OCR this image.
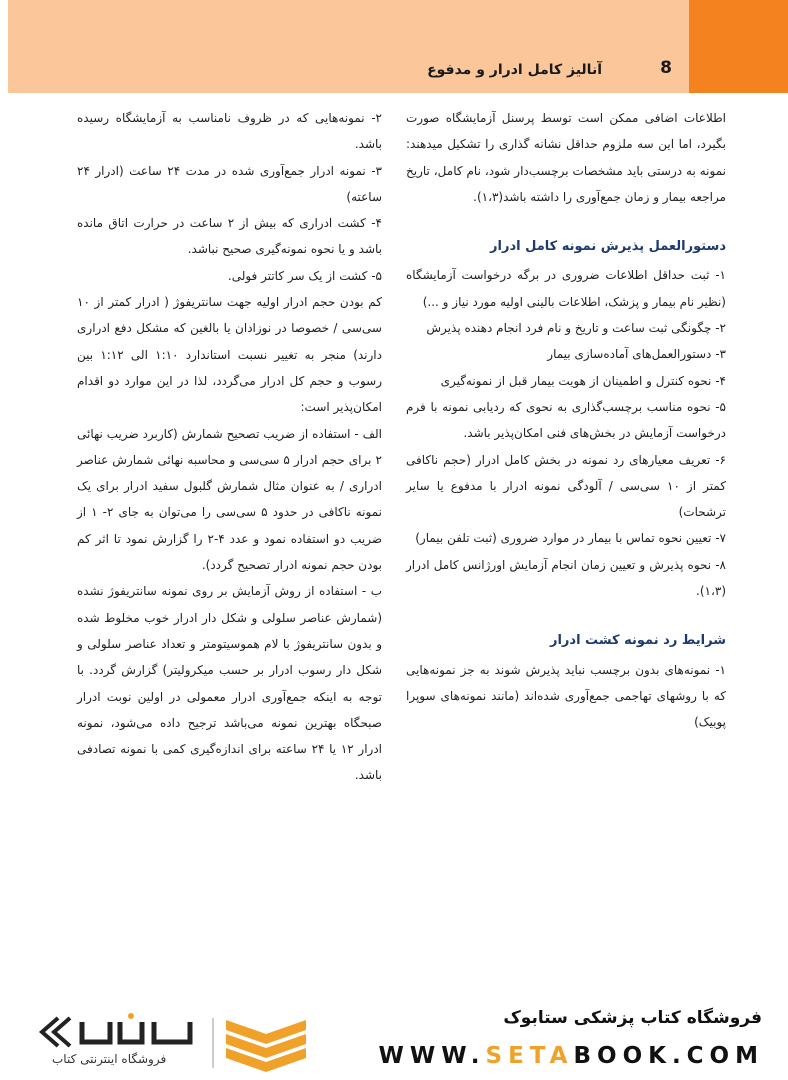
8
آنالیز کامل ادرار و مدفوع

اطلاعات اضافی ممکن است توسط پرسنل آزمایشگاه صورت بگیرد، اما این سه ملزوم حداقل نشانه گذاری را تشکیل میدهند: نمونه به درستی باید مشخصات برچسب‌دار شود، نام کامل، تاریخ مراجعه بیمار و زمان جمع‌آوری را داشته باشد(۱،۳).

دستورالعمل پذیرش نمونه کامل ادرار
۱- ثبت حداقل اطلاعات ضروری در برگه درخواست آزمایشگاه (نظیر نام بیمار و پزشک، اطلاعات بالینی اولیه مورد نیاز و ...)
۲- چگونگی ثبت ساعت و تاریخ و نام فرد انجام دهنده پذیرش
۳- دستورالعمل‌های آماده‌سازی بیمار
۴- نحوه کنترل و اطمینان از هویت بیمار قبل از نمونه‌گیری
۵- نحوه مناسب برچسب‌گذاری به نحوی که ردیابی نمونه با فرم درخواست آزمایش در بخش‌های فنی امکان‌پذیر باشد.
۶- تعریف معیارهای رد نمونه در بخش کامل ادرار (حجم ناکافی کمتر از ۱۰ سی‌سی / آلودگی نمونه ادرار با مدفوع یا سایر ترشحات)
۷- تعیین نحوه تماس با بیمار در موارد ضروری (ثبت تلفن بیمار)
۸- نحوه پذیرش و تعیین زمان انجام آزمایش اورژانس کامل ادرار (۱،۳).
شرایط رد نمونه کشت ادرار
۱- نمونه‌های بدون برچسب نباید پذیرش شوند به جز نمونه‌هایی که با روشهای تهاجمی جمع‌آوری شده‌اند (مانند نمونه‌های سوپرا پوبیک)
۲- نمونه‌هایی که در ظروف نامناسب به آزمایشگاه رسیده باشد.
۳- نمونه ادرار جمع‌آوری شده در مدت ۲۴ ساعت (ادرار ۲۴ ساعته)
۴- کشت ادراری که بیش از ۲ ساعت در حرارت اتاق مانده باشد و یا نحوه نمونه‌گیری صحیح نباشد.
۵- کشت از یک سر کاتتر فولی.

کم بودن حجم ادرار اولیه جهت سانتریفوژ ( ادرار کمتر از ۱۰ سی‌سی / خصوصا در نوزادان یا بالغین که مشکل دفع ادراری دارند) منجر به تغییر نسبت استاندارد ۱:۱۰ الی ۱:۱۲ بین رسوب و حجم کل ادرار می‌گردد، لذا در این موارد دو اقدام امکان‌پذیر است:

الف - استفاده از ضریب تصحیح شمارش (کاربرد ضریب نهائی ۲ برای حجم ادرار ۵ سی‌سی و محاسبه نهائی شمارش عناصر ادراری / به عنوان مثال شمارش گلبول سفید ادرار برای یک نمونه ناکافی در حدود ۵ سی‌سی را می‌توان به جای ۲- ۱ از ضریب دو استفاده نمود و عدد ۴-۲ را گزارش نمود تا اثر کم بودن حجم نمونه ادرار تصحیح گردد).

ب - استفاده از روش آزمایش بر روی نمونه سانتریفوژ نشده (شمارش عناصر سلولی و شکل دار ادرار خوب مخلوط شده و بدون سانتریفوژ با لام هموسیتومتر و تعداد عناصر سلولی و شکل دار رسوب ادرار بر حسب میکرولیتر) گزارش گردد. با توجه به اینکه جمع‌آوری ادرار معمولی در اولین نوبت ادرار صبحگاه بهترین نمونه می‌باشد ترجیح داده می‌شود، نمونه ادرار ۱۲ یا ۲۴ ساعته برای اندازه‌گیری کمی با نمونه تصادفی باشد.

فروشگاه اینترنتی کتاب
فروشگاه کتاب پزشکی ستابوک
WWW.SETABOOK.COM
